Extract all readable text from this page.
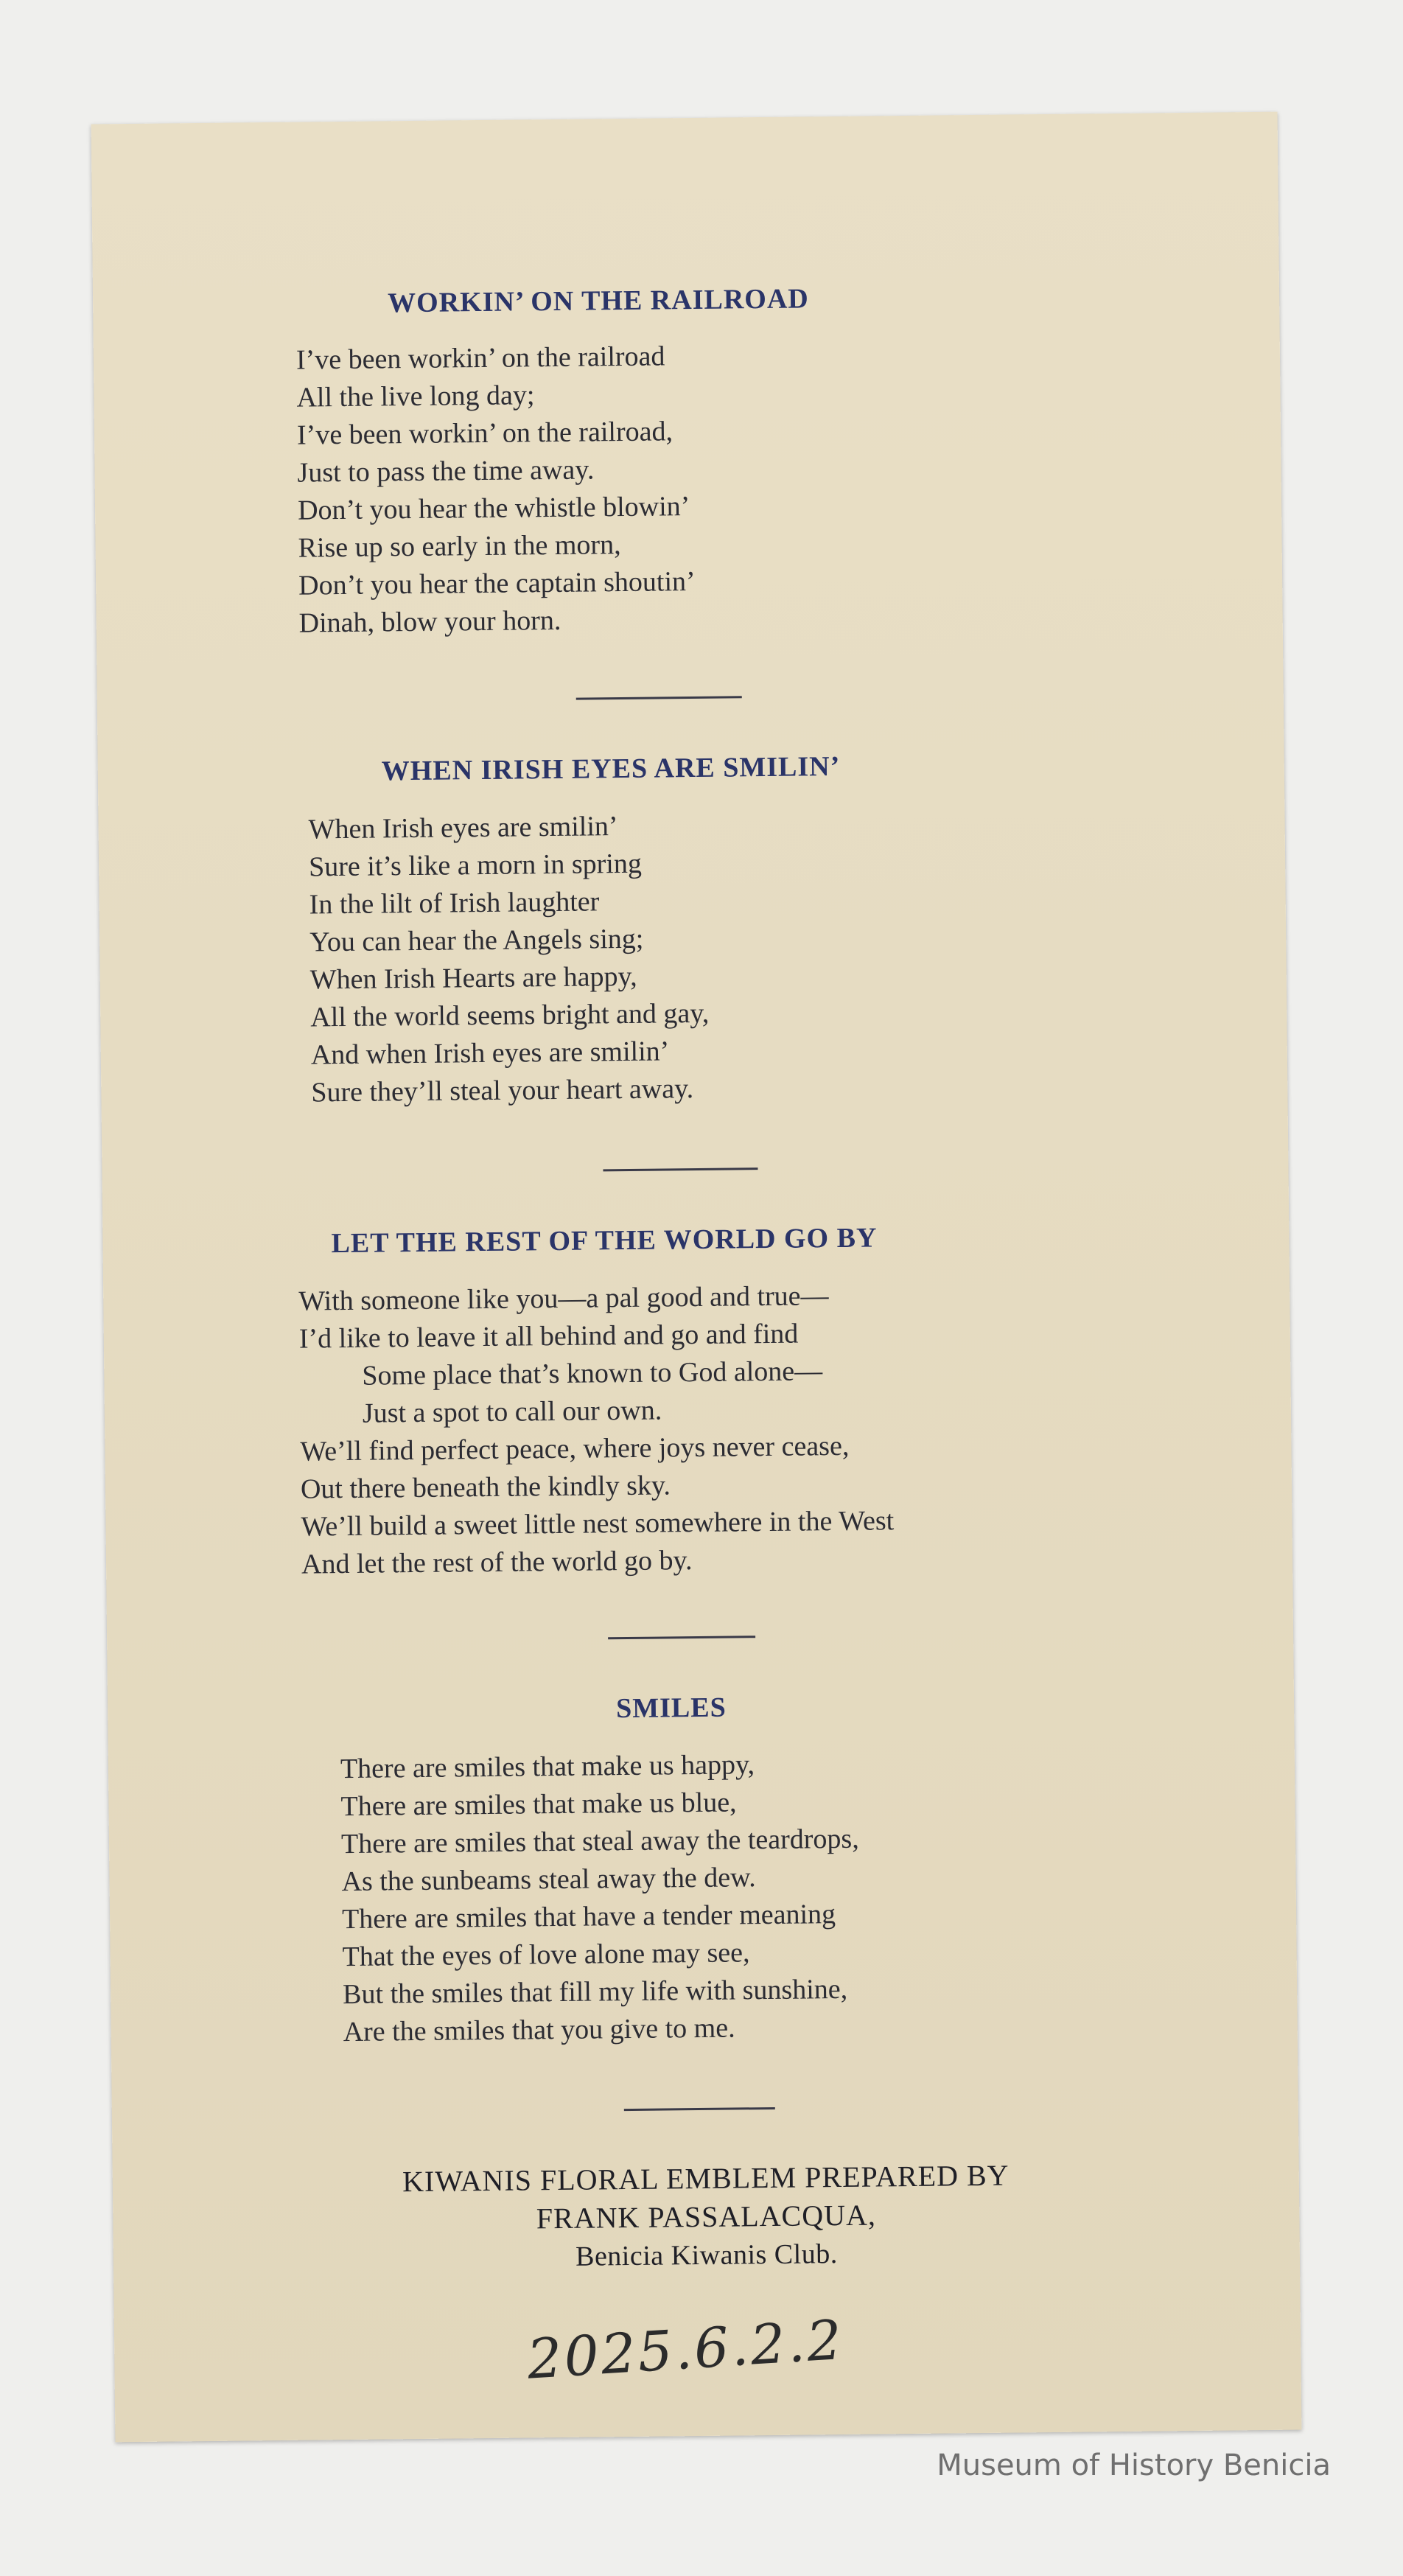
WORKIN’ ON THE RAILROAD
I’ve been workin’ on the railroad
All the live long day;
I’ve been workin’ on the railroad,
Just to pass the time away.
Don’t you hear the whistle blowin’
Rise up so early in the morn,
Don’t you hear the captain shoutin’
Dinah, blow your horn.
WHEN IRISH EYES ARE SMILIN’
When Irish eyes are smilin’
Sure it’s like a morn in spring
In the lilt of Irish laughter
You can hear the Angels sing;
When Irish Hearts are happy,
All the world seems bright and gay,
And when Irish eyes are smilin’
Sure they’ll steal your heart away.
LET THE REST OF THE WORLD GO BY
With someone like you—a pal good and true—
I’d like to leave it all behind and go and find
Some place that’s known to God alone—
Just a spot to call our own.
We’ll find perfect peace, where joys never cease,
Out there beneath the kindly sky.
We’ll build a sweet little nest somewhere in the West
And let the rest of the world go by.
SMILES
There are smiles that make us happy,
There are smiles that make us blue,
There are smiles that steal away the teardrops,
As the sunbeams steal away the dew.
There are smiles that have a tender meaning
That the eyes of love alone may see,
But the smiles that fill my life with sunshine,
Are the smiles that you give to me.
KIWANIS FLORAL EMBLEM PREPARED BY
FRANK PASSALACQUA,
Benicia Kiwanis Club.
2025.6.2.2
Museum of History Benicia
